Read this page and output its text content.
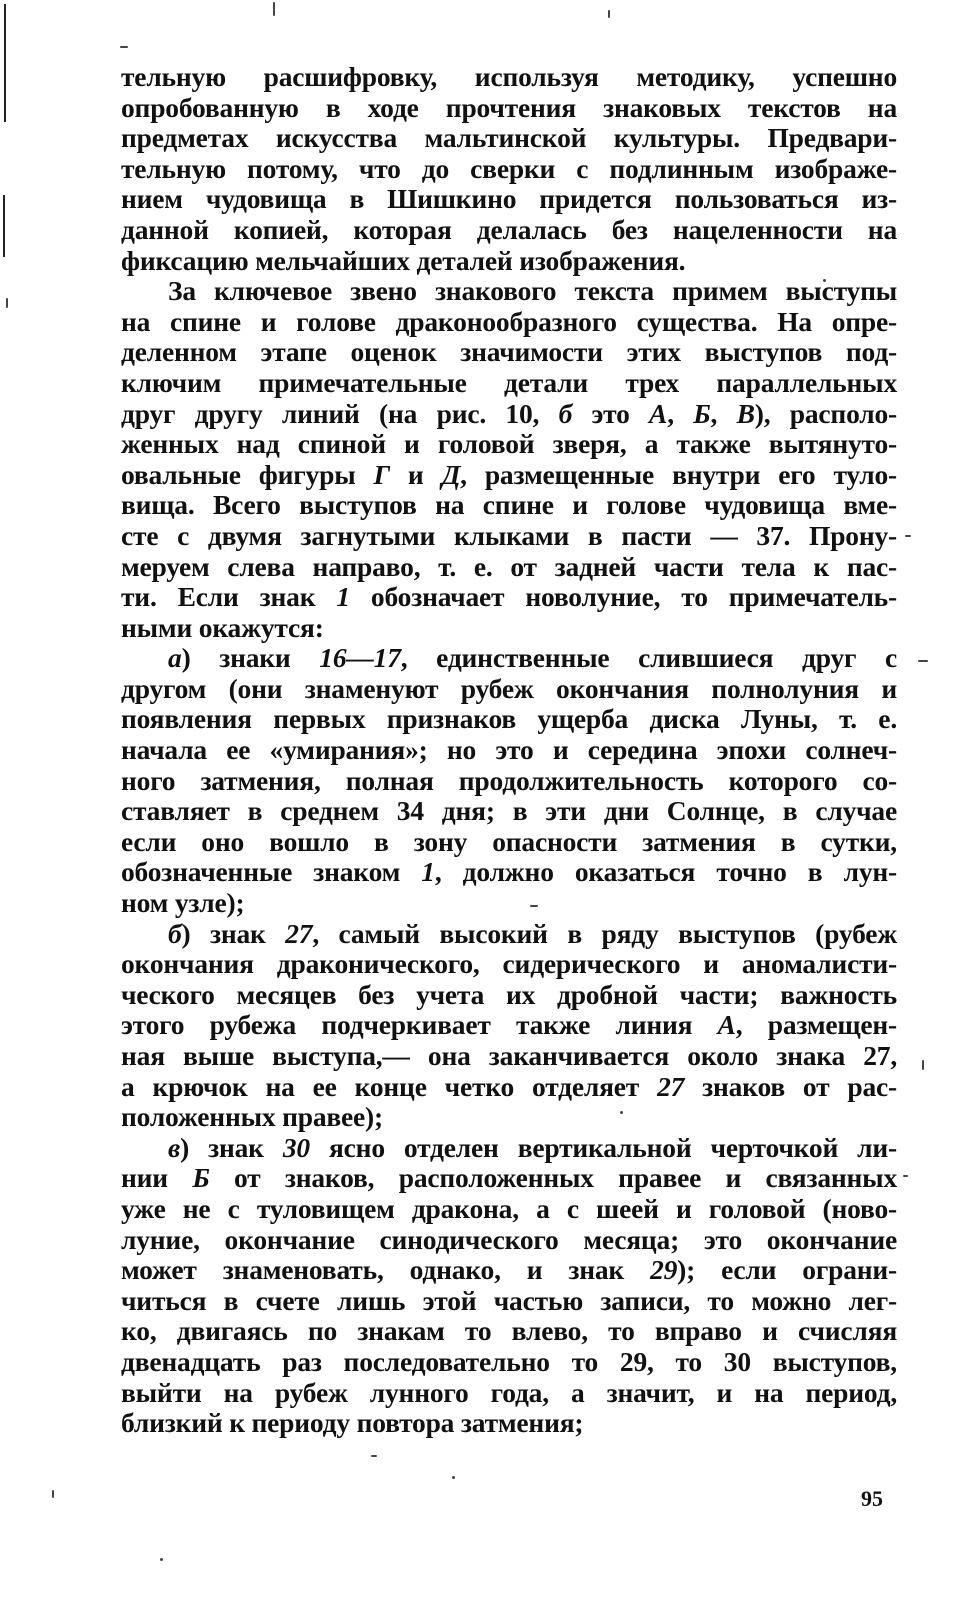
тельную расшифровку, используя методику, успешно
опробованную в ходе прочтения знаковых текстов на
предметах искусства мальтинской культуры. Предвари-
тельную потому, что до сверки с подлинным изображе-
нием чудовища в Шишкино придется пользоваться из-
данной копией, которая делалась без нацеленности на
фиксацию мельчайших деталей изображения.
За ключевое звено знакового текста примем выступы
на спине и голове драконообразного существа. На опре-
деленном этапе оценок значимости этих выступов под-
ключим примечательные детали трех параллельных
друг другу линий (на рис. 10, б это А, Б, В), располо-
женных над спиной и головой зверя, а также вытянуто-
овальные фигуры Г и Д, размещенные внутри его туло-
вища. Всего выступов на спине и голове чудовища вме-
сте с двумя загнутыми клыками в пасти — 37. Прону-
меруем слева направо, т. е. от задней части тела к пас-
ти. Если знак 1 обозначает новолуние, то примечатель-
ными окажутся:
а) знаки 16—17, единственные слившиеся друг с
другом (они знаменуют рубеж окончания полнолуния и
появления первых признаков ущерба диска Луны, т. е.
начала ее «умирания»; но это и середина эпохи солнеч-
ного затмения, полная продолжительность которого со-
ставляет в среднем 34 дня; в эти дни Солнце, в случае
если оно вошло в зону опасности затмения в сутки,
обозначенные знаком 1, должно оказаться точно в лун-
ном узле);
б) знак 27, самый высокий в ряду выступов (рубеж
окончания драконического, сидерического и аномалисти-
ческого месяцев без учета их дробной части; важность
этого рубежа подчеркивает также линия А, размещен-
ная выше выступа,— она заканчивается около знака 27,
а крючок на ее конце четко отделяет 27 знаков от рас-
положенных правее);
в) знак 30 ясно отделен вертикальной черточкой ли-
нии Б от знаков, расположенных правее и связанных
уже не с туловищем дракона, а с шеей и головой (ново-
луние, окончание синодического месяца; это окончание
может знаменовать, однако, и знак 29); если ограни-
читься в счете лишь этой частью записи, то можно лег-
ко, двигаясь по знакам то влево, то вправо и счисляя
двенадцать раз последовательно то 29, то 30 выступов,
выйти на рубеж лунного года, а значит, и на период,
близкий к периоду повтора затмения;
95
